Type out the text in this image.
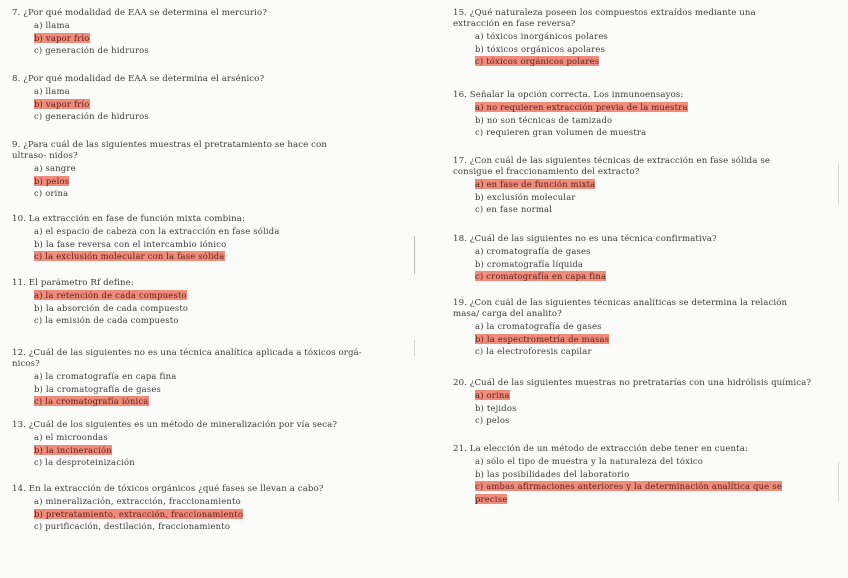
7. ¿Por qué modalidad de EAA se determina el mercurio?

a) llama

b) vapor frío

c) generación de hidruros

8. ¿Por qué modalidad de EAA se determina el arsénico?

a) llama

b) vapor frío

c) generación de hidruros

9. ¿Para cuál de las siguientes muestras el pretratamiento se hace con ultraso- nidos?

a) sangre

b) pelos

c) orina

10. La extracción en fase de función mixta combina:

a) el espacio de cabeza con la extracción en fase sólida

b) la fase reversa con el intercambio iónico

c) la exclusión molecular con la fase sólida

11. El parámetro Rf define:

a) la retención de cada compuesto

b) la absorción de cada compuesto

c) la emisión de cada compuesto

12. ¿Cuál de las siguientes no es una técnica analítica aplicada a tóxicos orgá- nicos?

a) la cromatografía en capa fina

b) la cromatografía de gases

c) la cromatografía iónica

13. ¿Cuál de los siguientes es un método de mineralización por vía seca?

a) el microondas

b) la incineración

c) la desproteinización

14. En la extracción de tóxicos orgánicos ¿qué fases se llevan a cabo?

a) mineralización, extracción, fraccionamiento

b) pretratamiento, extracción, fraccionamiento

c) purificación, destilación, fraccionamiento

15. ¿Qué naturaleza poseen los compuestos extraídos mediante una extracción en fase reversa?

a) tóxicos inorgánicos polares

b) tóxicos orgánicos apolares

c) tóxicos orgánicos polares

16. Señalar la opción correcta. Los inmunoensayos:

a) no requieren extracción previa de la muestra

b) no son técnicas de tamizado

c) requieren gran volumen de muestra

17. ¿Con cuál de las siguientes técnicas de extracción en fase sólida se consigue el fraccionamiento del extracto?

a) en fase de función mixta

b) exclusión molecular

c) en fase normal

18. ¿Cuál de las siguientes no es una técnica confirmativa?

a) cromatografía de gases

b) cromatografía líquida

c) cromatografía en capa fina

19. ¿Con cuál de las siguientes técnicas analíticas se determina la relación masa/ carga del analito?

a) la cromatografía de gases

b) la espectrometría de masas

c) la electroforesis capilar

20. ¿Cuál de las siguientes muestras no pretratarías con una hidrólisis química?

a) orina

b) tejidos

c) pelos

21. La elección de un método de extracción debe tener en cuenta:

a) sólo el tipo de muestra y la naturaleza del tóxico

b) las posibilidades del laboratorio

c) ambas afirmaciones anteriores y la determinación analítica que se precise
